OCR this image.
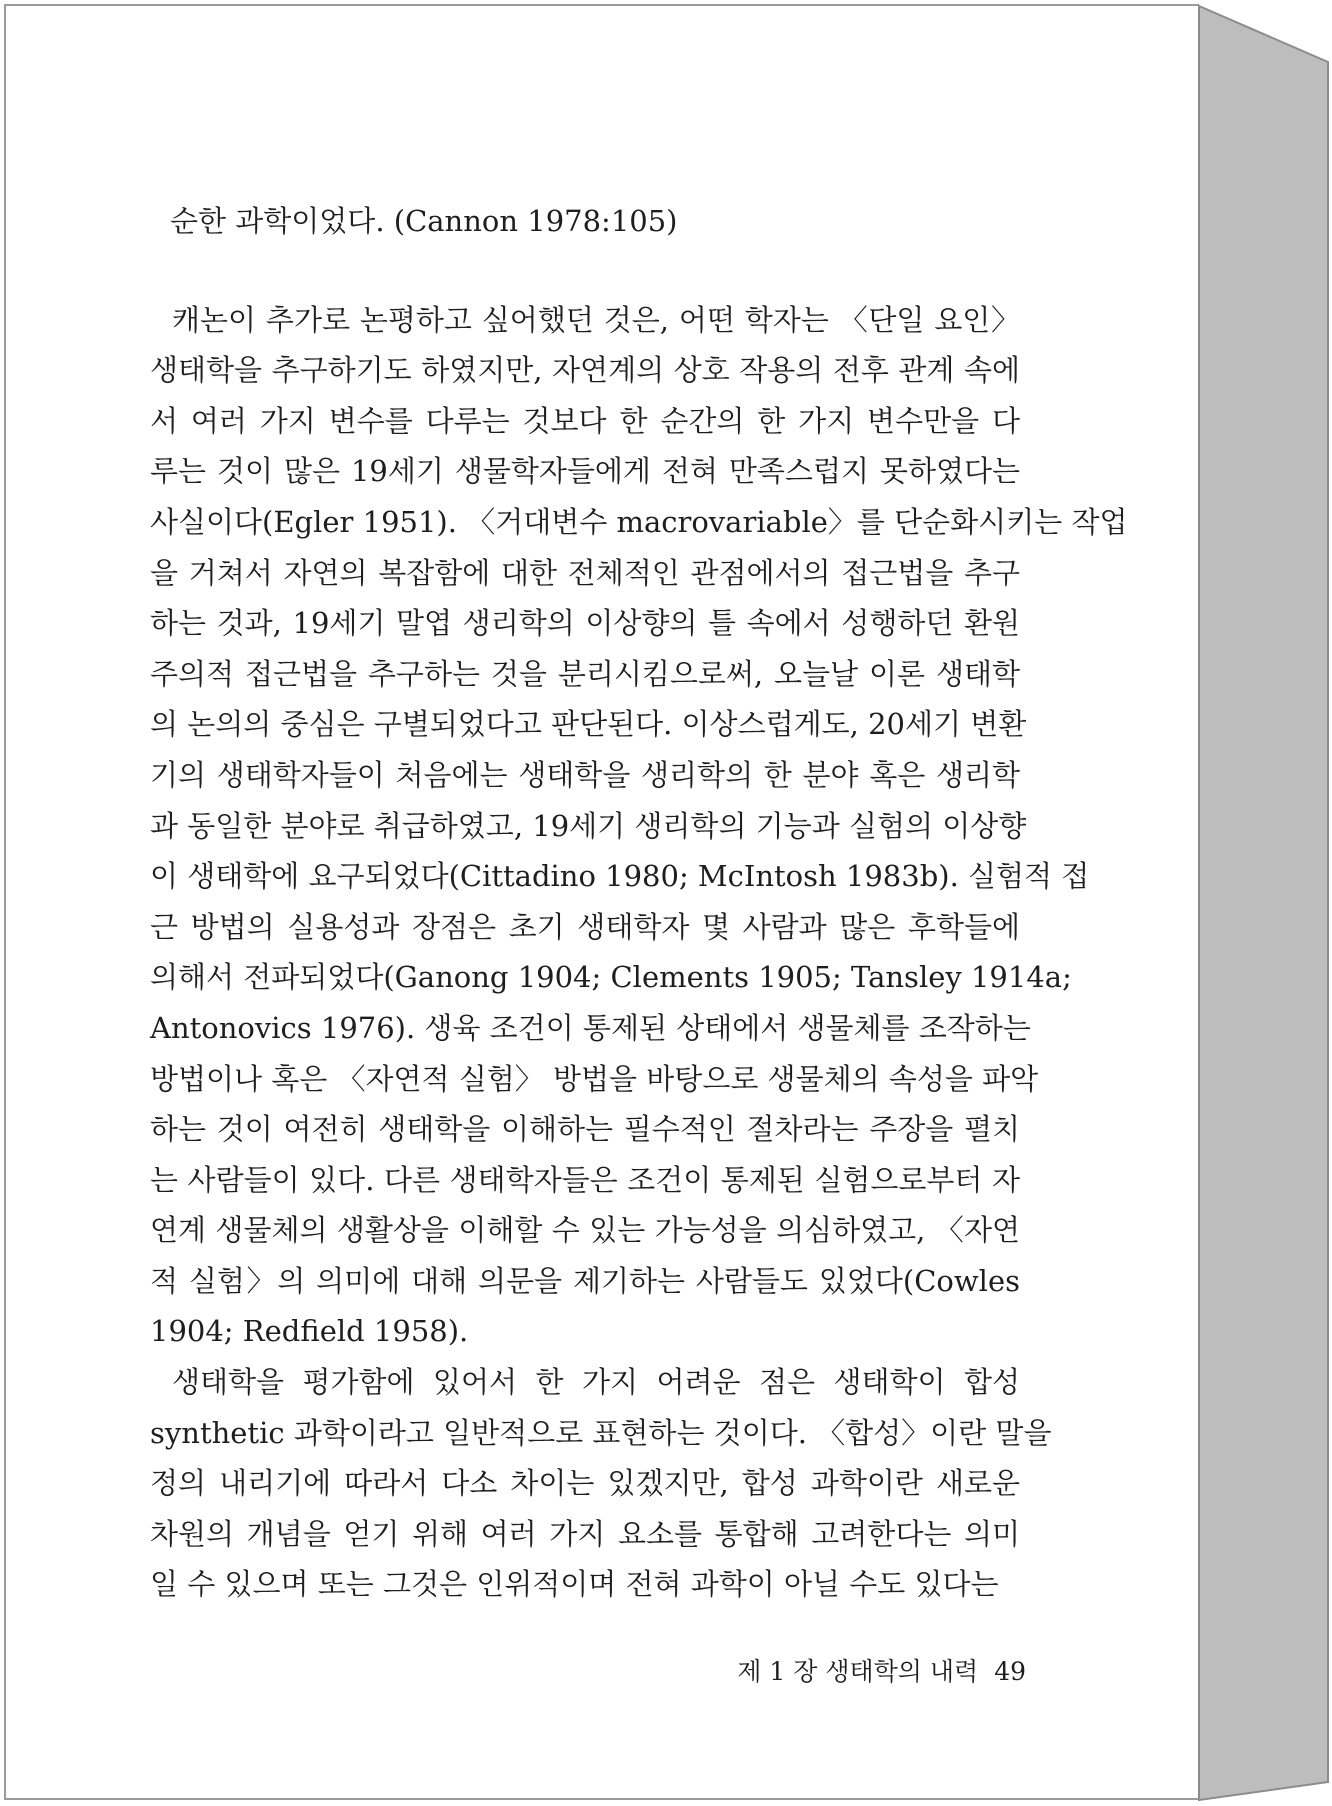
순한 과학이었다. (Cannon 1978:105)
캐논이 추가로 논평하고 싶어했던 것은, 어떤 학자는 〈단일 요인〉
생태학을 추구하기도 하였지만, 자연계의 상호 작용의 전후 관계 속에
서 여러 가지 변수를 다루는 것보다 한 순간의 한 가지 변수만을 다
루는 것이 많은 19세기 생물학자들에게 전혀 만족스럽지 못하였다는
사실이다(Egler 1951). 〈거대변수 macrovariable〉를 단순화시키는 작업
을 거쳐서 자연의 복잡함에 대한 전체적인 관점에서의 접근법을 추구
하는 것과, 19세기 말엽 생리학의 이상향의 틀 속에서 성행하던 환원
주의적 접근법을 추구하는 것을 분리시킴으로써, 오늘날 이론 생태학
의 논의의 중심은 구별되었다고 판단된다. 이상스럽게도, 20세기 변환
기의 생태학자들이 처음에는 생태학을 생리학의 한 분야 혹은 생리학
과 동일한 분야로 취급하였고, 19세기 생리학의 기능과 실험의 이상향
이 생태학에 요구되었다(Cittadino 1980; McIntosh 1983b). 실험적 접
근 방법의 실용성과 장점은 초기 생태학자 몇 사람과 많은 후학들에
의해서 전파되었다(Ganong 1904; Clements 1905; Tansley 1914a;
Antonovics 1976). 생육 조건이 통제된 상태에서 생물체를 조작하는
방법이나 혹은 〈자연적 실험〉 방법을 바탕으로 생물체의 속성을 파악
하는 것이 여전히 생태학을 이해하는 필수적인 절차라는 주장을 펼치
는 사람들이 있다. 다른 생태학자들은 조건이 통제된 실험으로부터 자
연계 생물체의 생활상을 이해할 수 있는 가능성을 의심하였고, 〈자연
적 실험〉의 의미에 대해 의문을 제기하는 사람들도 있었다(Cowles
1904; Redfield 1958).
생태학을 평가함에 있어서 한 가지 어려운 점은 생태학이 합성
synthetic 과학이라고 일반적으로 표현하는 것이다. 〈합성〉이란 말을
정의 내리기에 따라서 다소 차이는 있겠지만, 합성 과학이란 새로운
차원의 개념을 얻기 위해 여러 가지 요소를 통합해 고려한다는 의미
일 수 있으며 또는 그것은 인위적이며 전혀 과학이 아닐 수도 있다는
제 1 장 생태학의 내력 49
